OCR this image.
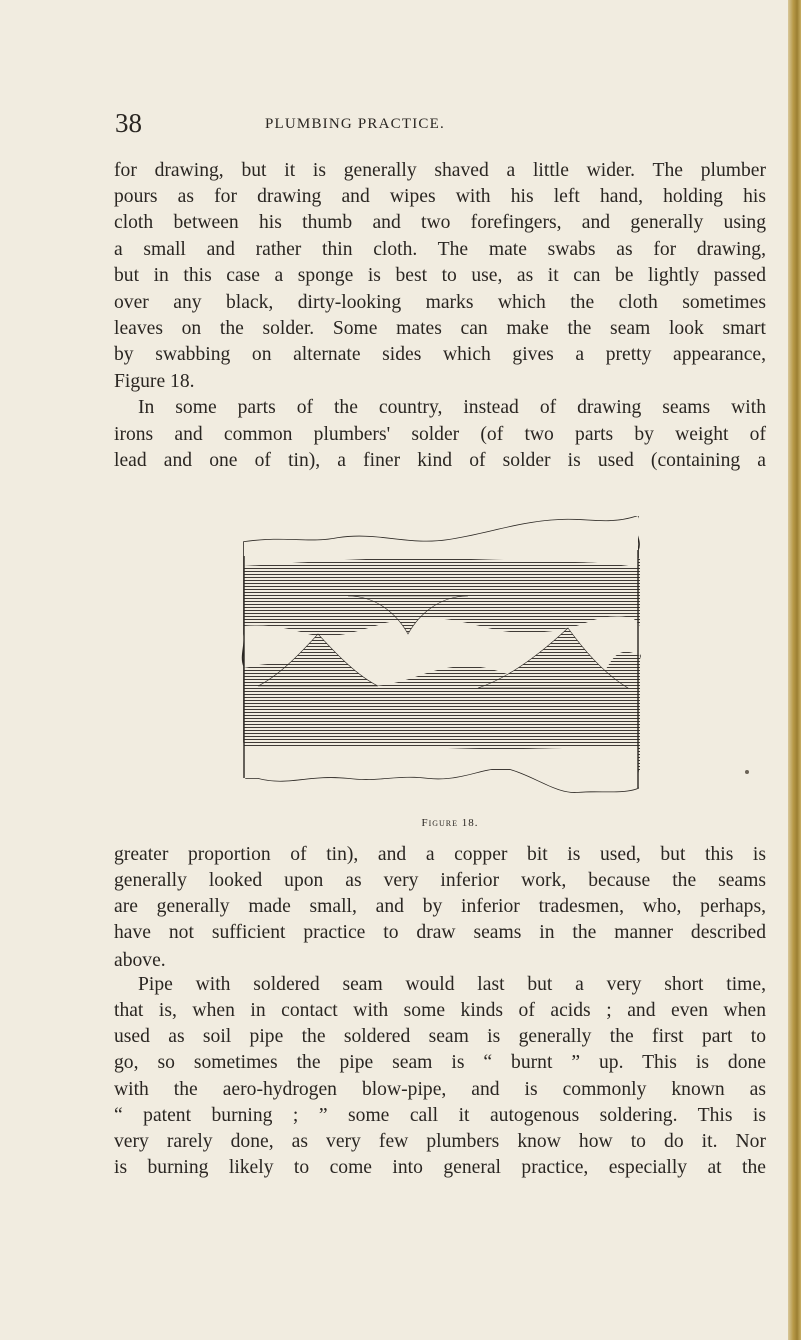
38	PLUMBING PRACTICE.

for drawing, but it is generally shaved a little wider. The plumber

pours as for drawing and wipes with his left hand, holding his

cloth between his thumb and two forefingers, and generally using

a small and rather thin cloth. The mate swabs as for drawing,

but in this case a sponge is best to use, as it can be lightly passed

over any black, dirty-looking marks which the cloth sometimes

leaves on the solder. Some mates can make the seam look smart

by swabbing on alternate sides which gives a pretty appearance,

Figure 18.

In some parts of the country, instead of drawing seams with

irons and common plumbers' solder (of two parts by weight of

lead and one of tin), a finer kind of solder is used (containing a

Figure 18.

greater proportion of tin), and a copper bit is used, but this is

generally looked upon as very inferior work, because the seams

are generally made small, and by inferior tradesmen, who, perhaps,

have not sufficient practice to draw seams in the manner described

above.

Pipe with soldered seam would last but a very short time,

that is, when in contact with some kinds of acids ; and even when

used as soil pipe the soldered seam is generally the first part to

go, so sometimes the pipe seam is “ burnt ” up. This is done

with the aero-hydrogen blow-pipe, and is commonly known as

“ patent burning ; ” some call it autogenous soldering. This is

very rarely done, as very few plumbers know how to do it. Nor

is burning likely to come into general practice, especially at the
